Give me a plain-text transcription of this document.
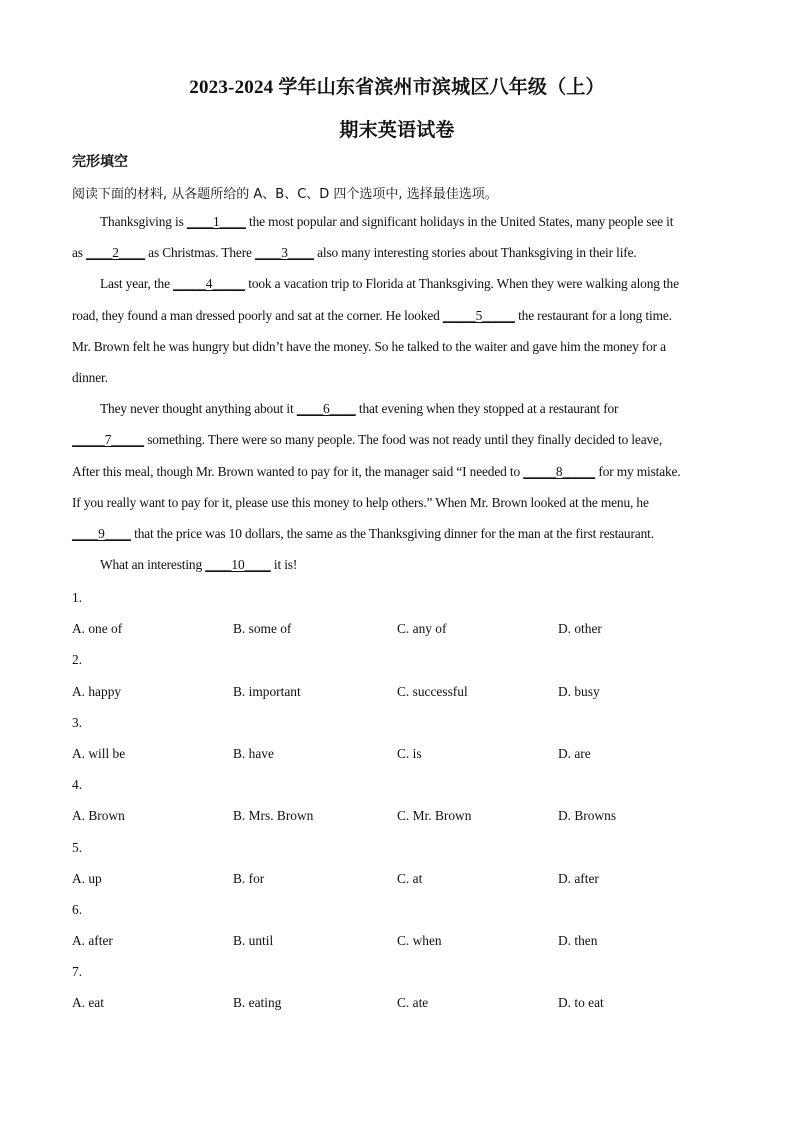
2023-2024 学年山东省滨州市滨城区八年级（上）
期末英语试卷
完形填空
阅读下面的材料, 从各题所给的 A、B、C、D 四个选项中, 选择最佳选项。
Thanksgiving is ____1____ the most popular and significant holidays in the United States, many people see it
as ____2____ as Christmas. There ____3____ also many interesting stories about Thanksgiving in their life.
Last year, the _____4_____ took a vacation trip to Florida at Thanksgiving. When they were walking along the
road, they found a man dressed poorly and sat at the corner. He looked _____5_____ the restaurant for a long time.
Mr. Brown felt he was hungry but didn’t have the money. So he talked to the waiter and gave him the money for a
dinner.
They never thought anything about it ____6____ that evening when they stopped at a restaurant for
_____7_____ something. There were so many people. The food was not ready until they finally decided to leave,
After this meal, though Mr. Brown wanted to pay for it, the manager said “I needed to _____8_____ for my mistake.
If you really want to pay for it, please use this money to help others.” When Mr. Brown looked at the menu, he
____9____ that the price was 10 dollars, the same as the Thanksgiving dinner for the man at the first restaurant.
What an interesting ____10____ it is!
1.
A. one of	B. some of	C. any of	D. other
2.
A. happy	B. important	C. successful	D. busy
3.
A. will be	B. have	C. is	D. are
4.
A. Brown	B. Mrs. Brown	C. Mr. Brown	D. Browns
5.
A. up	B. for	C. at	D. after
6.
A. after	B. until	C. when	D. then
7.
A. eat	B. eating	C. ate	D. to eat
